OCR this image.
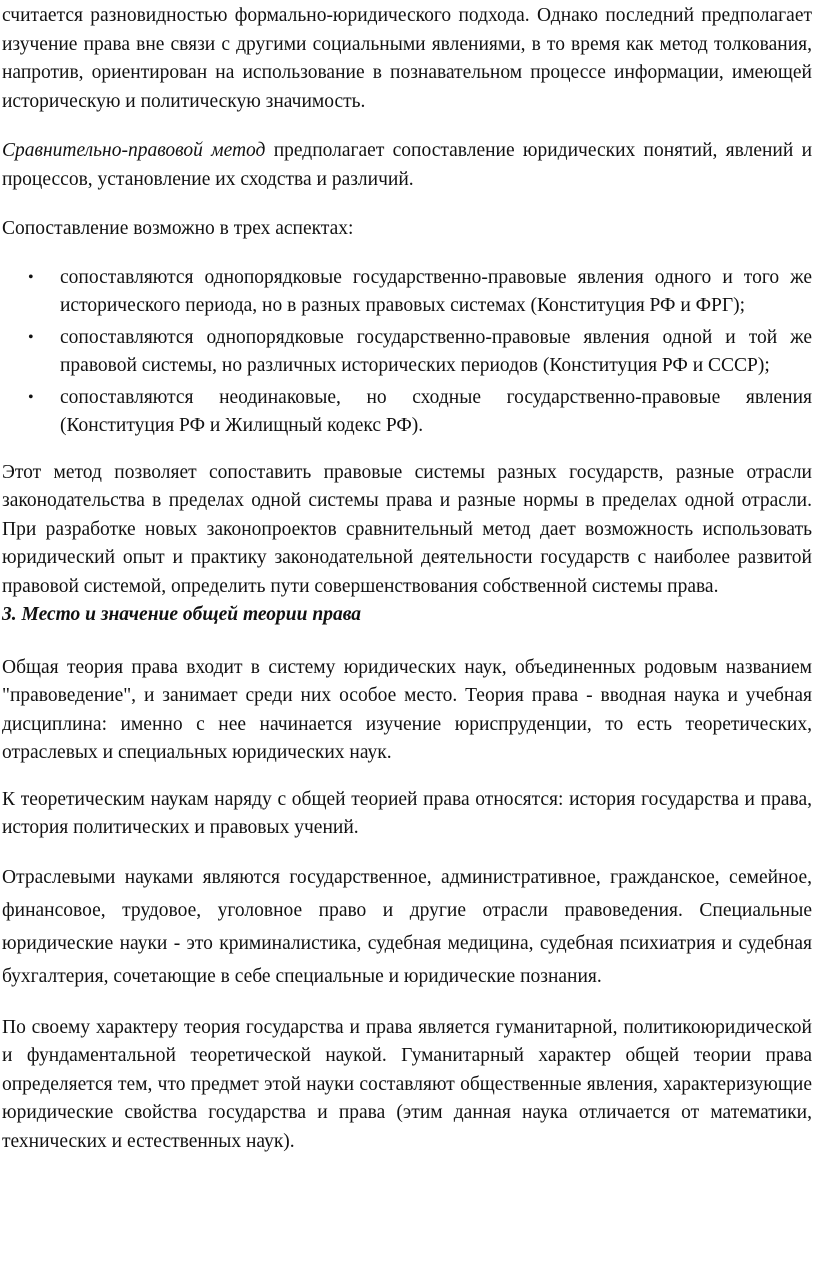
считается разновидностью формально-юридического подхода. Однако последний предполагает изучение права вне связи с другими социальными явлениями, в то время как метод толкования, напротив, ориентирован на использование в познавательном процессе информации, имеющей историческую и политическую значимость.

Сравнительно-правовой метод предполагает сопоставление юридических понятий, явлений и процессов, установление их сходства и различий.

Сопоставление возможно в трех аспектах:

• сопоставляются однопорядковые государственно-правовые явления одного и того же исторического периода, но в разных правовых системах (Конституция РФ и ФРГ);
• сопоставляются однопорядковые государственно-правовые явления одной и той же правовой системы, но различных исторических периодов (Конституция РФ и СССР);
• сопоставляются неодинаковые, но сходные государственно-правовые явления (Конституция РФ и Жилищный кодекс РФ).

Этот метод позволяет сопоставить правовые системы разных государств, разные отрасли законодательства в пределах одной системы права и разные нормы в пределах одной отрасли. При разработке новых законопроектов сравнительный метод дает возможность использовать юридический опыт и практику законодательной деятельности государств с наиболее развитой правовой системой, определить пути совершенствования собственной системы права.

3. Место и значение общей теории права

Общая теория права входит в систему юридических наук, объединенных родовым названием "правоведение", и занимает среди них особое место. Теория права - вводная наука и учебная дисциплина: именно с нее начинается изучение юриспруденции, то есть теоретических, отраслевых и специальных юридических наук.

К теоретическим наукам наряду с общей теорией права относятся: история государства и права, история политических и правовых учений.

Отраслевыми науками являются государственное, административное, гражданское, семейное, финансовое, трудовое, уголовное право и другие отрасли правоведения. Специальные юридические науки - это криминалистика, судебная медицина, судебная психиатрия и судебная бухгалтерия, сочетающие в себе специальные и юридические познания.

По своему характеру теория государства и права является гуманитарной, политикоюридической и фундаментальной теоретической наукой. Гуманитарный характер общей теории права определяется тем, что предмет этой науки составляют общественные явления, характеризующие юридические свойства государства и права (этим данная наука отличается от математики, технических и естественных наук).
